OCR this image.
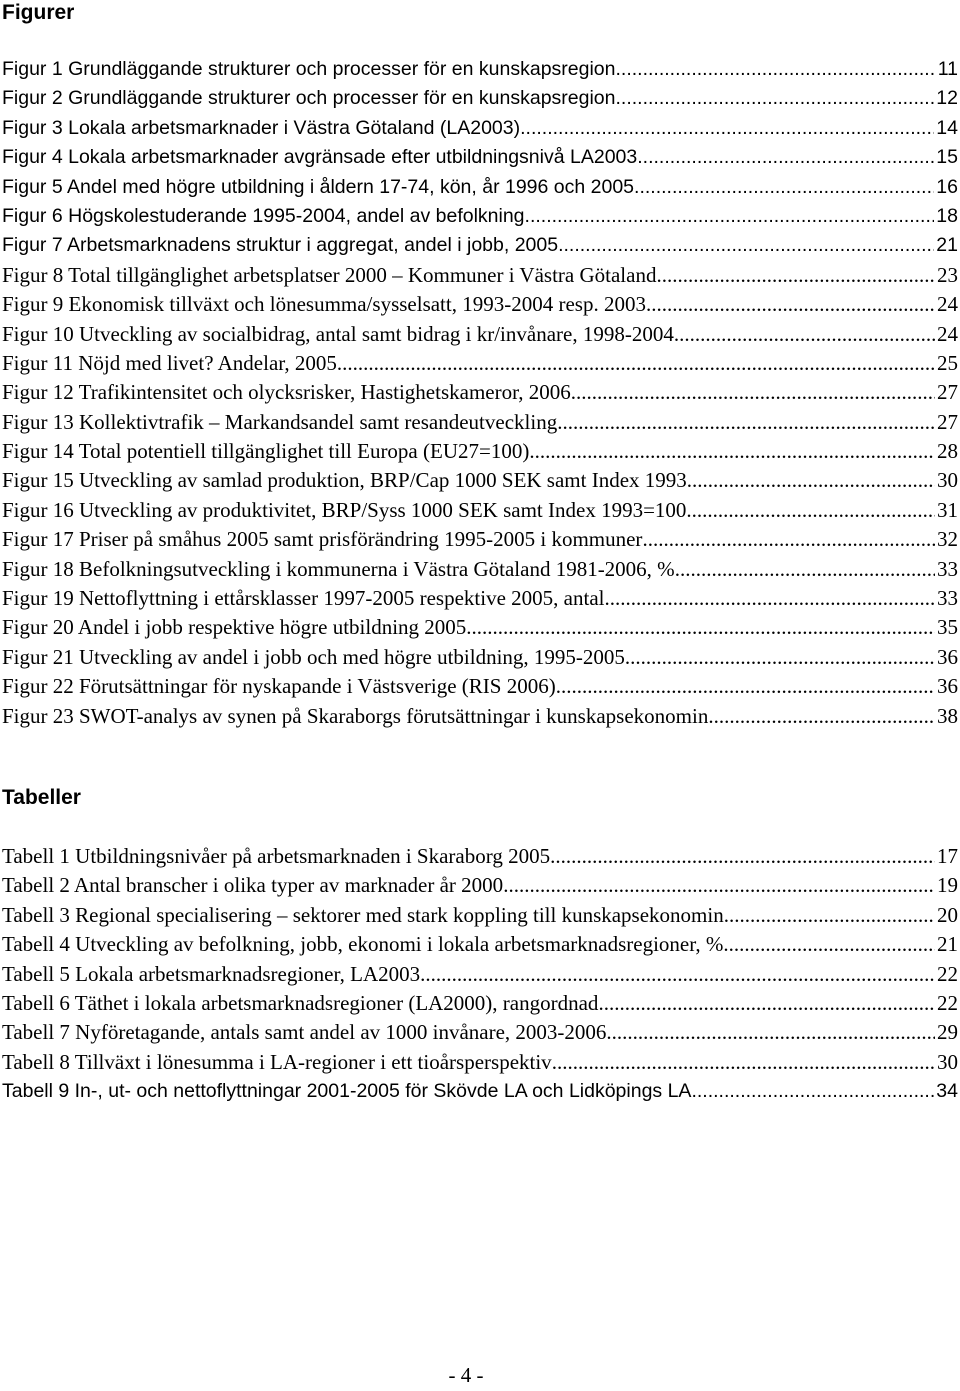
Figurer
Figur 1 Grundläggande strukturer och processer för en kunskapsregion .....	11
Figur 2 Grundläggande strukturer och processer för en kunskapsregion .....	12
Figur 3 Lokala arbetsmarknader i Västra Götaland (LA2003) .....	14
Figur 4 Lokala arbetsmarknader avgränsade efter utbildningsnivå LA2003 .....	15
Figur 5 Andel med högre utbildning i åldern 17-74, kön, år 1996 och 2005 .....	16
Figur 6 Högskolestuderande 1995-2004, andel av befolkning .....	18
Figur 7 Arbetsmarknadens struktur i aggregat, andel i jobb, 2005 .....	21
Figur 8 Total tillgänglighet arbetsplatser 2000 – Kommuner i Västra Götaland .....	23
Figur 9 Ekonomisk tillväxt och lönesumma/sysselsatt, 1993-2004 resp. 2003 .....	24
Figur 10 Utveckling av socialbidrag, antal samt bidrag i kr/invånare, 1998-2004 .....	24
Figur 11 Nöjd med livet? Andelar, 2005 .....	25
Figur 12 Trafikintensitet och olycksrisker, Hastighetskameror, 2006 .....	27
Figur 13 Kollektivtrafik – Markandsandel samt resandeutveckling .....	27
Figur 14 Total potentiell tillgänglighet till Europa (EU27=100) .....	28
Figur 15 Utveckling av samlad produktion, BRP/Cap 1000 SEK samt Index 1993 .....	30
Figur 16 Utveckling av produktivitet, BRP/Syss 1000 SEK samt Index 1993=100 .....	31
Figur 17 Priser på småhus 2005 samt prisförändring 1995-2005 i kommuner .....	32
Figur 18 Befolkningsutveckling i kommunerna i Västra Götaland 1981-2006, % .....	33
Figur 19 Nettoflyttning i ettårsklasser 1997-2005 respektive 2005, antal .....	33
Figur 20 Andel i jobb respektive högre utbildning 2005 .....	35
Figur 21 Utveckling av andel i jobb och med högre utbildning, 1995-2005 .....	36
Figur 22 Förutsättningar för nyskapande i Västsverige (RIS 2006) .....	36
Figur 23 SWOT-analys av synen på Skaraborgs förutsättningar i kunskapsekonomin .....	38
Tabeller
Tabell 1 Utbildningsnivåer på arbetsmarknaden i Skaraborg 2005 .....	17
Tabell 2 Antal branscher i olika typer av marknader år 2000 .....	19
Tabell 3 Regional specialisering – sektorer med stark koppling till kunskapsekonomin .....	20
Tabell 4 Utveckling av befolkning, jobb, ekonomi i lokala arbetsmarknadsregioner, % .....	21
Tabell 5 Lokala arbetsmarknadsregioner, LA2003 .....	22
Tabell 6 Täthet i lokala arbetsmarknadsregioner (LA2000), rangordnad .....	22
Tabell 7 Nyföretagande, antals samt andel av 1000 invånare, 2003-2006 .....	29
Tabell 8 Tillväxt i lönesumma i LA-regioner i ett tioårsperspektiv .....	30
Tabell 9 In-, ut- och nettoflyttningar 2001-2005 för Skövde LA och Lidköpings LA .....	34
- 4 -
